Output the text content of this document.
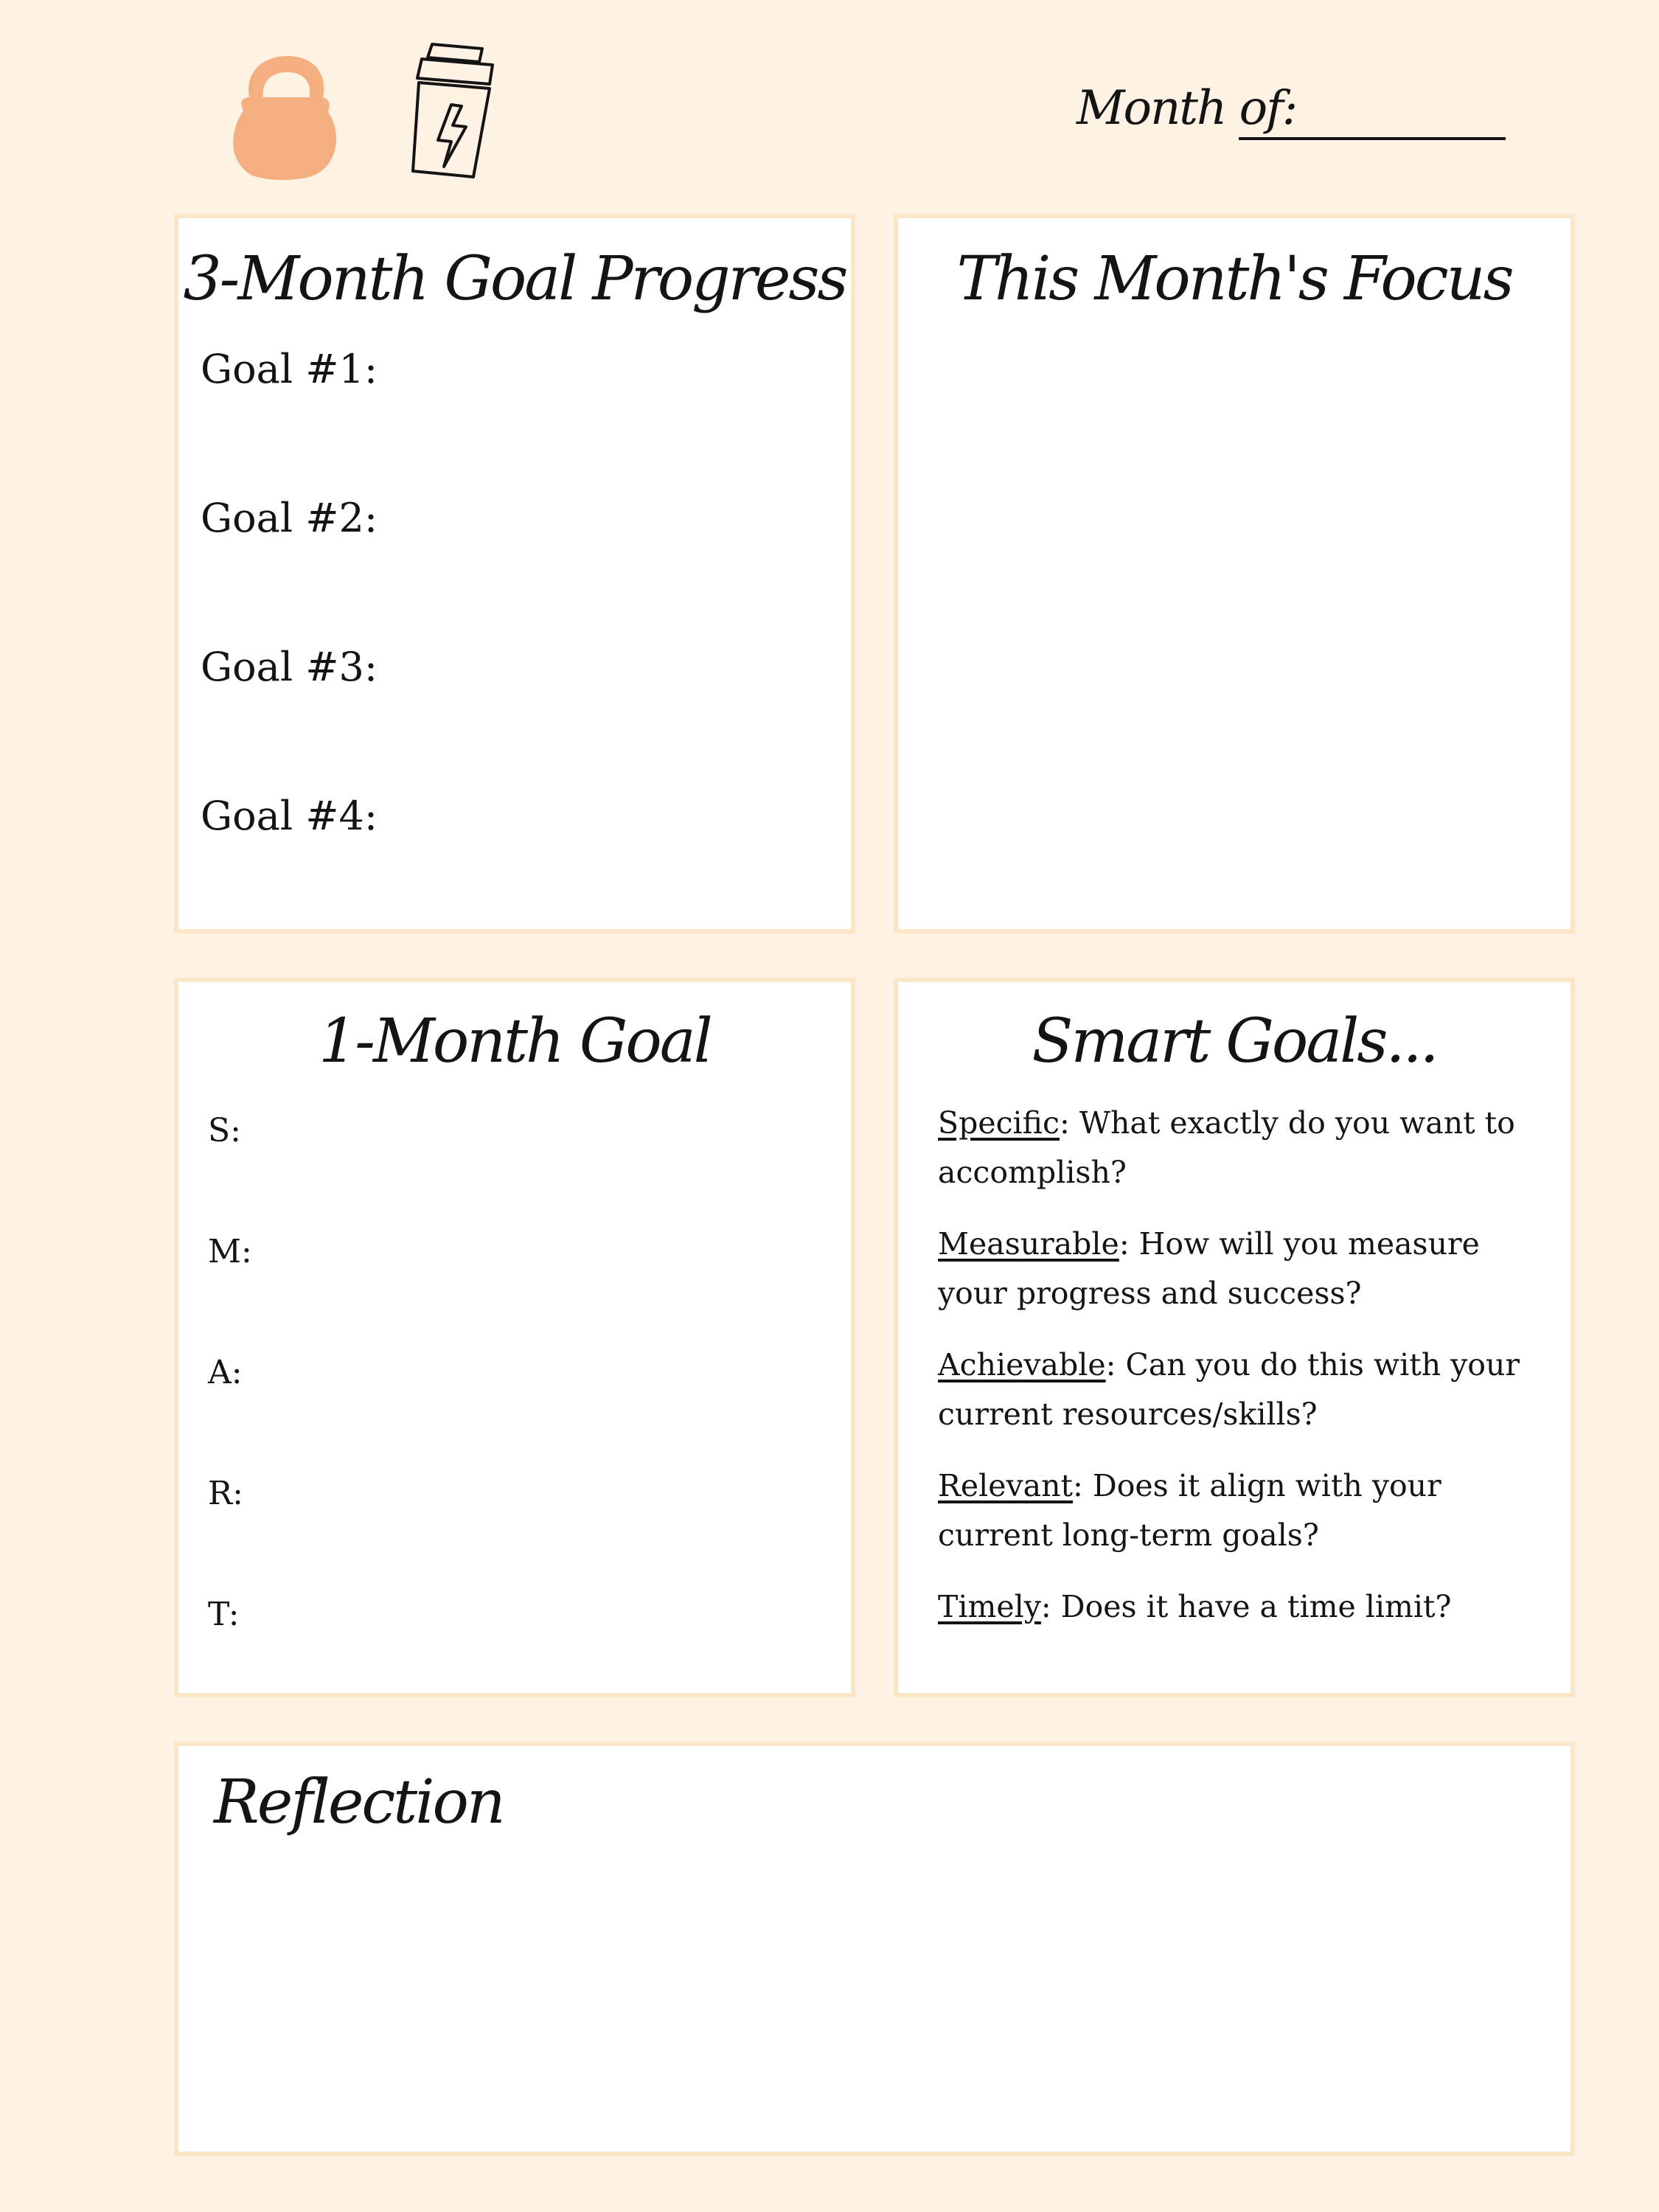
Month of:
3-Month Goal Progress
Goal #1:
Goal #2:
Goal #3:
Goal #4:
This Month's Focus
1-Month Goal
S:
M:
A:
R:
T:
Smart Goals...
Specific: What exactly do you want to accomplish?
Measurable: How will you measure your progress and success?
Achievable: Can you do this with your current resources/skills?
Relevant: Does it align with your current long-term goals?
Timely: Does it have a time limit?
Reflection
